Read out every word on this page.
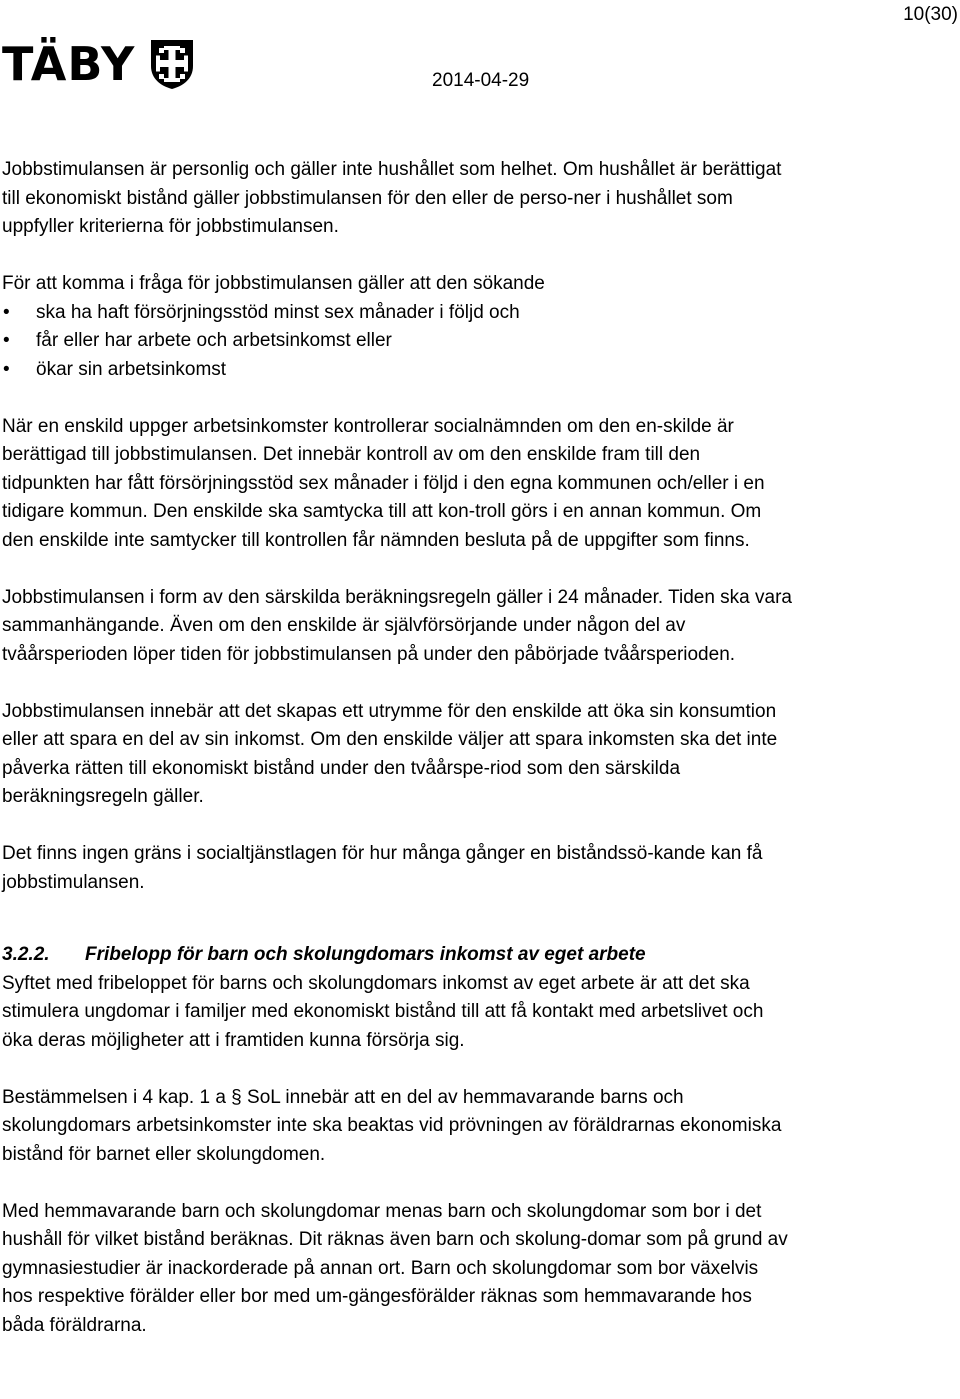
10(30)
TÄBY	2014-04-29

Jobbstimulansen är personlig och gäller inte hushållet som helhet. Om hushållet är berättigat till ekonomiskt bistånd gäller jobbstimulansen för den eller de perso-ner i hushållet som uppfyller kriterierna för jobbstimulansen.

För att komma i fråga för jobbstimulansen gäller att den sökande

• ska ha haft försörjningsstöd minst sex månader i följd och
• får eller har arbete och arbetsinkomst eller
• ökar sin arbetsinkomst

När en enskild uppger arbetsinkomster kontrollerar socialnämnden om den en-skilde är berättigad till jobbstimulansen. Det innebär kontroll av om den enskilde fram till den tidpunkten har fått försörjningsstöd sex månader i följd i den egna kommunen och/eller i en tidigare kommun. Den enskilde ska samtycka till att kon-troll görs i en annan kommun. Om den enskilde inte samtycker till kontrollen får nämnden besluta på de uppgifter som finns.

Jobbstimulansen i form av den särskilda beräkningsregeln gäller i 24 månader. Tiden ska vara sammanhängande. Även om den enskilde är självförsörjande under någon del av tvåårsperioden löper tiden för jobbstimulansen på under den påbörjade tvåårsperioden.

Jobbstimulansen innebär att det skapas ett utrymme för den enskilde att öka sin konsumtion eller att spara en del av sin inkomst. Om den enskilde väljer att spara inkomsten ska det inte påverka rätten till ekonomiskt bistånd under den tvåårspe-riod som den särskilda beräkningsregeln gäller.

Det finns ingen gräns i socialtjänstlagen för hur många gånger en biståndssö-kande kan få jobbstimulansen.

3.2.2.	Fribelopp för barn och skolungdomars inkomst av eget arbete

Syftet med fribeloppet för barns och skolungdomars inkomst av eget arbete är att det ska stimulera ungdomar i familjer med ekonomiskt bistånd till att få kontakt med arbetslivet och öka deras möjligheter att i framtiden kunna försörja sig.

Bestämmelsen i 4 kap. 1 a § SoL innebär att en del av hemmavarande barns och skolungdomars arbetsinkomster inte ska beaktas vid prövningen av föräldrarnas ekonomiska bistånd för barnet eller skolungdomen.

Med hemmavarande barn och skolungdomar menas barn och skolungdomar som bor i det hushåll för vilket bistånd beräknas. Dit räknas även barn och skolung-domar som på grund av gymnasiestudier är inackorderade på annan ort. Barn och skolungdomar som bor växelvis hos respektive förälder eller bor med um-gängesförälder räknas som hemmavarande hos båda föräldrarna.
